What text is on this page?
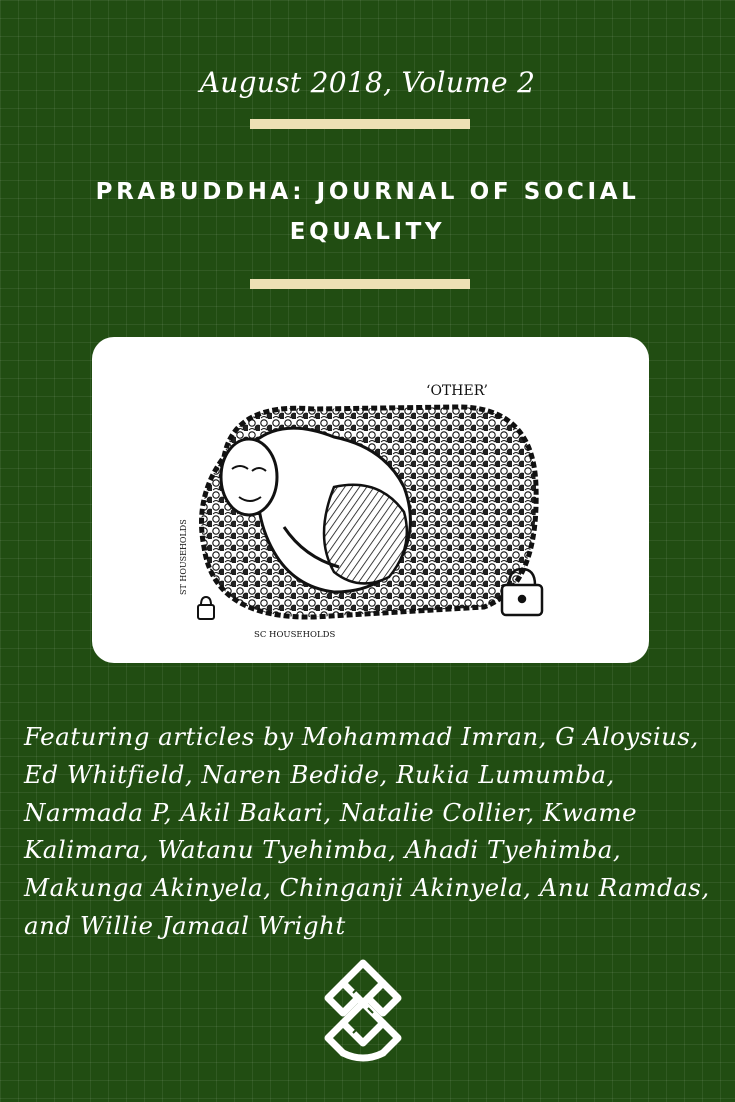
August 2018, Volume 2
PRABUDDHA: JOURNAL OF SOCIAL EQUALITY
‘OTHER’
ST HOUSEHOLDS
SC HOUSEHOLDS
Featuring articles by Mohammad Imran, G Aloysius, Ed Whitfield, Naren Bedide, Rukia Lumumba, Narmada P, Akil Bakari, Natalie Collier, Kwame Kalimara, Watanu Tyehimba, Ahadi Tyehimba, Makunga Akinyela, Chinganji Akinyela, Anu Ramdas, and Willie Jamaal Wright
